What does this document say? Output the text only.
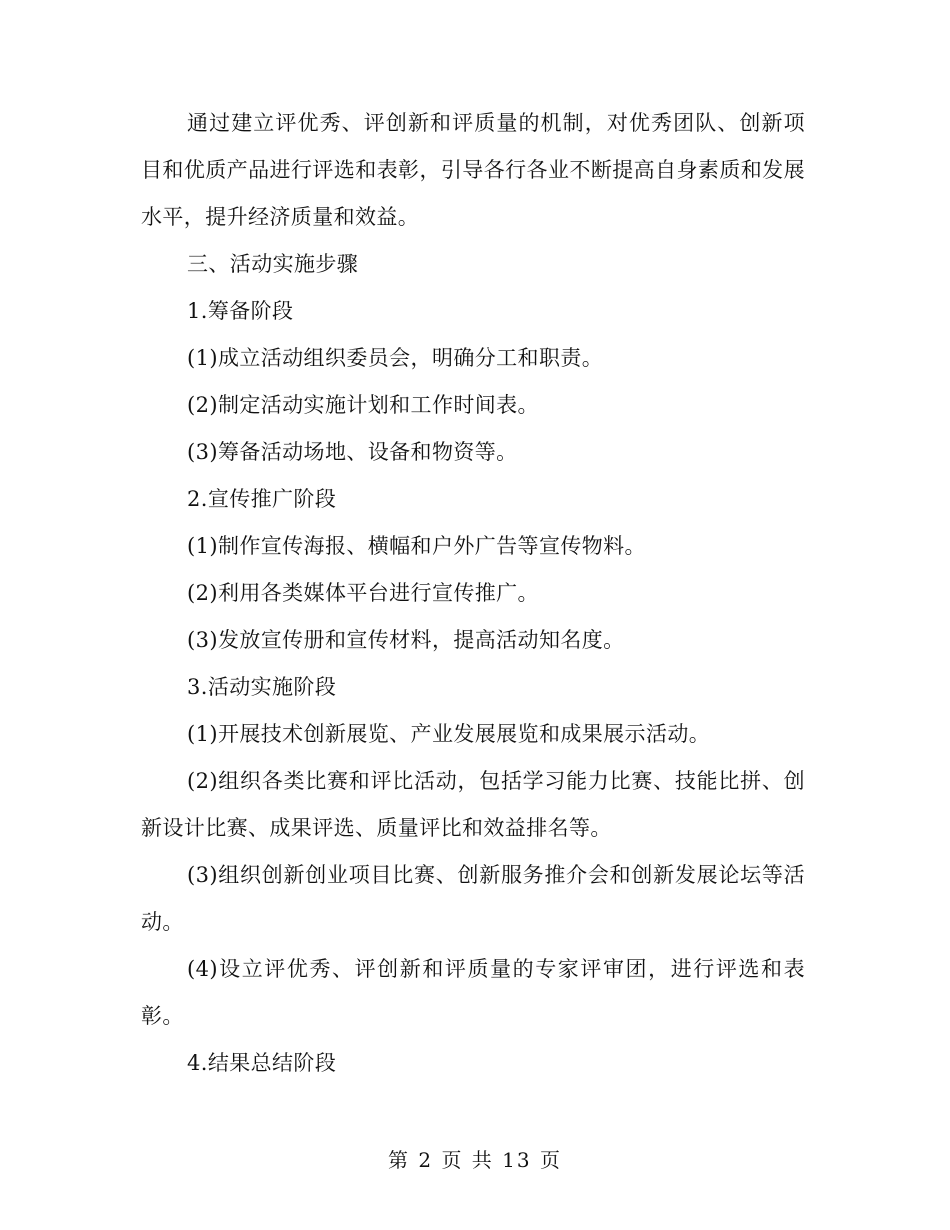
通过建立评优秀、评创新和评质量的机制，对优秀团队、创新项目和优质产品进行评选和表彰，引导各行各业不断提高自身素质和发展水平，提升经济质量和效益。

三、活动实施步骤

1.筹备阶段

(1)成立活动组织委员会，明确分工和职责。

(2)制定活动实施计划和工作时间表。

(3)筹备活动场地、设备和物资等。

2.宣传推广阶段

(1)制作宣传海报、横幅和户外广告等宣传物料。

(2)利用各类媒体平台进行宣传推广。

(3)发放宣传册和宣传材料，提高活动知名度。

3.活动实施阶段

(1)开展技术创新展览、产业发展展览和成果展示活动。

(2)组织各类比赛和评比活动，包括学习能力比赛、技能比拼、创新设计比赛、成果评选、质量评比和效益排名等。

(3)组织创新创业项目比赛、创新服务推介会和创新发展论坛等活动。

(4)设立评优秀、评创新和评质量的专家评审团，进行评选和表彰。

4.结果总结阶段

第 2 页 共 13 页
